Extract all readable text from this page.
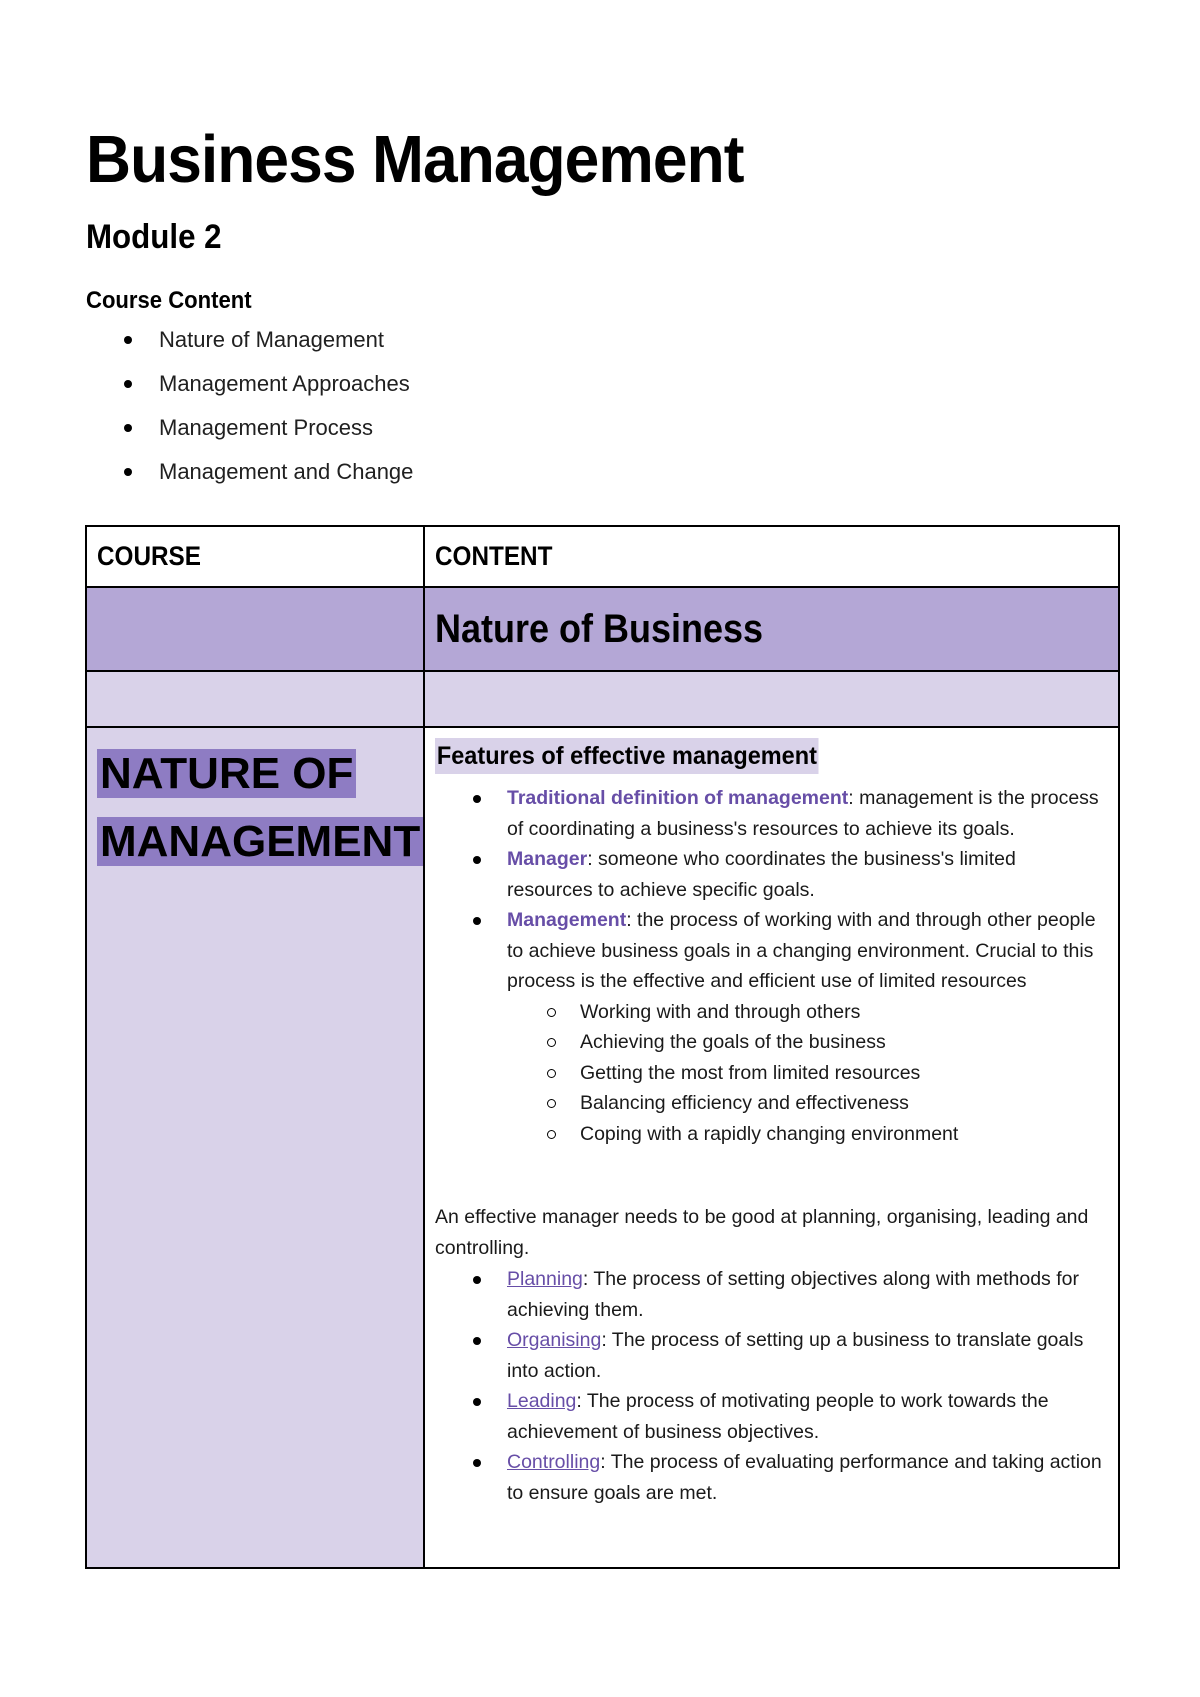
Business Management
Module 2
Course Content
Nature of Management
Management Approaches
Management Process
Management and Change
COURSE	CONTENT
Nature of Business

NATURE OF
MANAGEMENT

Features of effective management
Traditional definition of management: management is the process of coordinating a business's resources to achieve its goals.
Manager: someone who coordinates the business's limited resources to achieve specific goals.
Management: the process of working with and through other people to achieve business goals in a changing environment. Crucial to this process is the effective and efficient use of limited resources
Working with and through others
Achieving the goals of the business
Getting the most from limited resources
Balancing efficiency and effectiveness
Coping with a rapidly changing environment

An effective manager needs to be good at planning, organising, leading and controlling.

Planning: The process of setting objectives along with methods for achieving them.
Organising: The process of setting up a business to translate goals into action.
Leading: The process of motivating people to work towards the achievement of business objectives.
Controlling: The process of evaluating performance and taking action to ensure goals are met.
